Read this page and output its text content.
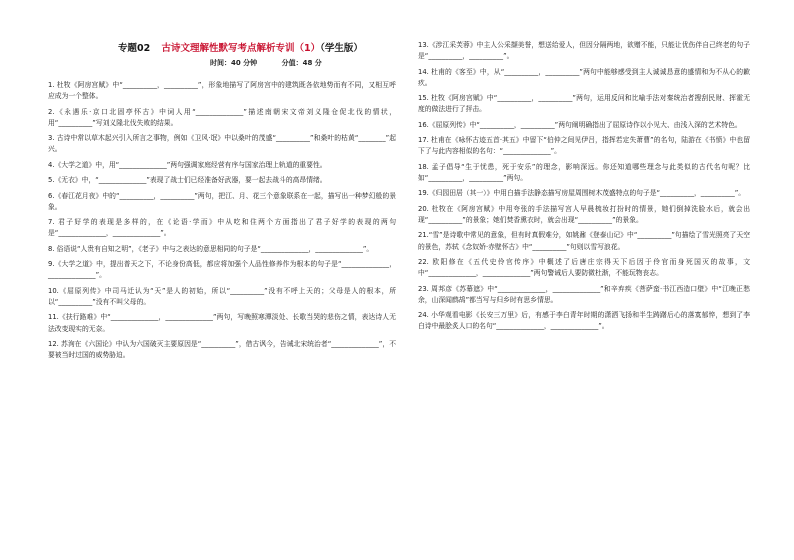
专题02 古诗文理解性默写考点解析专训（1）（学生版）
时间：40 分钟	分值：48 分

1. 杜牧《阿房宫赋》中“__________，__________”，形象地描写了阿房宫中的建筑既各依地势而有不同，又相互呼应成为一个整体。

2.《永遇乐·京口北固亭怀古》中词人用“______________”描述南朝宋文帝刘义隆仓促北伐的情状，用“__________”写刘义隆北伐失败的结果。

3. 古诗中常以草木起兴引入所言之事物，例如《卫风·氓》中以桑叶的茂盛“__________”和桑叶的枯黄“________”起兴。

4.《大学之道》中，用“______________”两句强调家庭经营有序与国家治理上轨道的重要性。

5.《无衣》中，“______________”表现了战士们已经准备好武器，要一起去战斗的高昂情绪。

6.《春江花月夜》中的“__________，__________”两句，把江、月、花三个意象联系在一起，描写出一种梦幻般的景象。

7. 君子好学的表现是多样的，在《论语·学而》中从吃和住两个方面指出了君子好学的表现的两句是“______________，______________”。

8. 俗语说“人贵有自知之明”，《老子》中与之表达的意思相同的句子是“______________，______________”。

9.《大学之道》中，提出普天之下，不论身份高低，都应将加强个人品性修养作为根本的句子是“______________，______________”。

10.《屈原列传》中司马迁认为“天”是人的初始，所以“__________”没有不呼上天的；父母是人的根本，所以“__________”没有不叫父母的。

11.《扶行路难》中“______________，______________”两句，写晚照寒潭淡处、长歌当哭的悲伤之情，表达诗人无法改变现实的无奈。

12. 苏洵在《六国论》中认为六国破灭主要原因是“__________”，借古讽今，告诫北宋统治者“______________”，不要被当时过国的威势胁迫。

13.《涉江采芙蓉》中主人公采撷美誉，想送给爱人，但因分隔两地，欲赠不能，只能让优伤伴自己终老的句子是“__________，__________”。

14. 杜甫的《客至》中，从“__________，__________”两句中能够感受到主人诚诚恳意的盛情和为不从心的歉疚。

15. 杜牧《阿房宫赋》中“__________，__________”两句，运用反问和比喻手法对秦统治者搜刮民财、挥霍无度的做法进行了抨击。

16.《屈原列传》中“__________，__________”两句阐明确指出了屈原诗作以小见大、由浅入深的艺术特色。

17. 杜甫在《咏怀古迹五首·其五》中留下“伯仲之间见伊吕，指挥若定失萧曹”的名句，陆游在《书愤》中也留下了与此内容相似的名句：“______________”。

18. 孟子倡导“生于忧患，死于安乐”的理念，影响深远。你还知道哪些理念与此类似的古代名句呢？比如“__________，__________”两句。

19.《归园田居（其一）》中用白描手法静态描写房屋周围树木茂盛特点的句子是“__________，__________”。

20. 杜牧在《阿房宫赋》中用夸张的手法描写宫人早晨梳妆打扮时的情景，她们倒掉洗脸水后，就会出现“__________”的景象；她们焚香熏衣时，就会出现“__________”的景象。

21.“雪”是诗歌中常见的意象，但有时真假难分，如姚鼐《登泰山记》中“__________”句描绘了雪光照亮了天空的景色，苏轼《念奴娇·赤壁怀古》中“__________”句则以雪写浪花。

22. 欧阳修在《五代史伶官传序》中概述了后唐庄宗得天下后因于伶官而身死国灭的故事，文中“______________，______________”两句警诫后人要防微杜渐，不能玩物丧志。

23. 周邦彦《苏幕遮》中“______________，______________”和辛弃疾《菩萨蛮·书江西造口壁》中“江晚正愁余，山深闻鹧鸪”都当写与归乡时有思乡情思。

24. 小华观看电影《长安三万里》后，有感于李白青年时期的潇洒飞扬和半生踌躇后心的落寞郁悴，想到了李白诗中最脍炙人口的名句“______________，______________”。
